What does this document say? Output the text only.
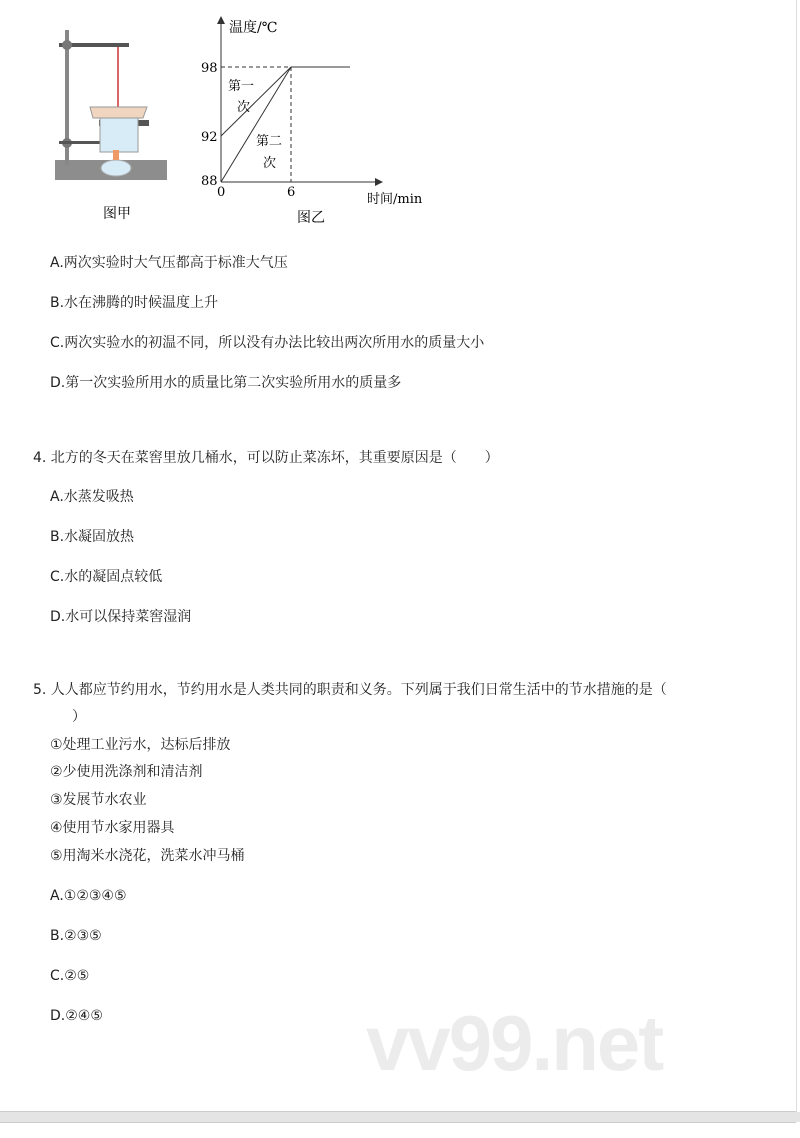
图甲
温度/℃
98
92
88
0	6	时间/min
第一
次
第二
次
图乙
A.两次实验时大气压都高于标准大气压
B.水在沸腾的时候温度上升
C.两次实验水的初温不同，所以没有办法比较出两次所用水的质量大小
D.第一次实验所用水的质量比第二次实验所用水的质量多
4. 北方的冬天在菜窖里放几桶水，可以防止菜冻坏，其重要原因是（　　）
A.水蒸发吸热
B.水凝固放热
C.水的凝固点较低
D.水可以保持菜窖湿润
5. 人人都应节约用水，节约用水是人类共同的职责和义务。下列属于我们日常生活中的节水措施的是（
）
①处理工业污水，达标后排放
②少使用洗涤剂和清洁剂
③发展节水农业
④使用节水家用器具
⑤用淘米水浇花，洗菜水冲马桶
A.①②③④⑤
B.②③⑤
C.②⑤
D.②④⑤	vv99.net
